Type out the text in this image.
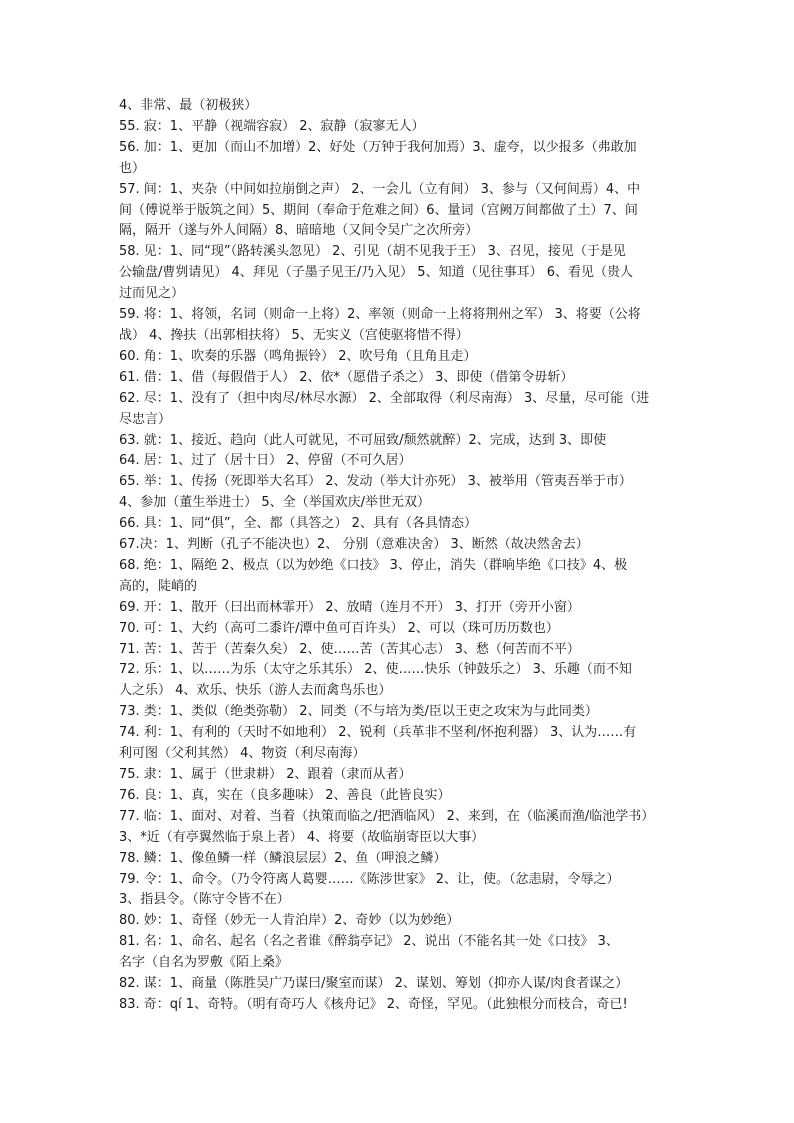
4、非常、最（初极狭）
55. 寂：1、平静（视端容寂） 2、寂静（寂寥无人）
56. 加：1、更加（而山不加增）2、好处（万钟于我何加焉）3、虚夸，以少报多（弗敢加
也）
57. 间：1、夹杂（中间如拉崩倒之声） 2、一会儿（立有间） 3、参与（又何间焉）4、中
间（傅说举于版筑之间）5、期间（奉命于危难之间）6、量词（宫阙万间都做了土）7、间
隔，隔开（遂与外人间隔）8、暗暗地（又间令吴广之次所旁）
58. 见：1、同“现”（路转溪头忽见） 2、引见（胡不见我于王） 3、召见，接见（于是见
公输盘/曹刿请见） 4、拜见（子墨子见王/乃入见） 5、知道（见往事耳） 6、看见（贵人
过而见之）
59. 将：1、将领，名词（则命一上将）2、率领（则命一上将将荆州之军） 3、将要（公将
战） 4、搀扶（出郭相扶将） 5、无实义（宫使驱将惜不得）
60. 角：1、吹奏的乐器（鸣角振铃） 2、吹号角（且角且走）
61. 借：1、借（每假借于人） 2、依*（愿借子杀之） 3、即使（借第令毋斩）
62. 尽：1、没有了（担中肉尽/林尽水源） 2、全部取得（利尽南海） 3、尽量，尽可能（进
尽忠言）
63. 就：1、接近、趋向（此人可就见，不可屈致/颓然就醉）2、完成，达到 3、即使
64. 居：1、过了（居十日） 2、停留（不可久居）
65. 举：1、传扬（死即举大名耳） 2、发动（举大计亦死） 3、被举用（管夷吾举于市）
4、参加（董生举进士） 5、全（举国欢庆/举世无双）
66. 具：1、同“俱”，全、都（具答之） 2、具有（各具情态）
67.决：1、判断（孔子不能决也）2、 分别（意难决舍） 3、断然（故决然舍去）
68. 绝：1、隔绝 2、极点（以为妙绝《口技》 3、停止，消失（群响毕绝《口技》4、极
高的，陡峭的
69. 开：1、散开（曰出而林霏开） 2、放晴（连月不开） 3、打开（旁开小窗）
70. 可：1、大约（高可二黍许/潭中鱼可百许头） 2、可以（珠可历历数也）
71. 苦：1、苦于（苦秦久矣） 2、使……苦（苦其心志） 3、愁（何苦而不平）
72. 乐：1、以……为乐（太守之乐其乐） 2、使……快乐（钟鼓乐之） 3、乐趣（而不知
人之乐） 4、欢乐、快乐（游人去而禽鸟乐也）
73. 类：1、类似（绝类弥勒） 2、同类（不与培为类/臣以王吏之攻宋为与此同类）
74. 利：1、有利的（天时不如地利） 2、锐利（兵革非不坚利/怀抱利器） 3、认为……有
利可图（父利其然） 4、物资（利尽南海）
75. 隶：1、属于（世隶耕） 2、跟着（隶而从者）
76. 良：1、真，实在（良多趣味） 2、善良（此皆良实）
77. 临：1、面对、对着、当着（执策而临之/把酒临风） 2、来到，在（临溪而渔/临池学书）
3、*近（有亭翼然临于泉上者） 4、将要（故临崩寄臣以大事）
78. 鳞：1、像鱼鳞一样（鳞浪层层）2、鱼（呷浪之鳞）
79. 令：1、命令。（乃令符离人葛婴……《陈涉世家》 2、让，使。（忿恚尉，令辱之）
3、指县令。（陈守令皆不在）
80. 妙：1、奇怪（妙无一人肯泊岸）2、奇妙（以为妙绝）
81. 名：1、命名、起名（名之者谁《醉翁亭记》 2、说出（不能名其一处《口技》 3、
名字（自名为罗敷《陌上桑》
82. 谋：1、商量（陈胜吴广乃谋曰/聚室而谋） 2、谋划、筹划（抑亦人谋/肉食者谋之）
83. 奇：qí 1、奇特。（明有奇巧人《核舟记》 2、奇怪，罕见。（此独根分而枝合，奇已!
